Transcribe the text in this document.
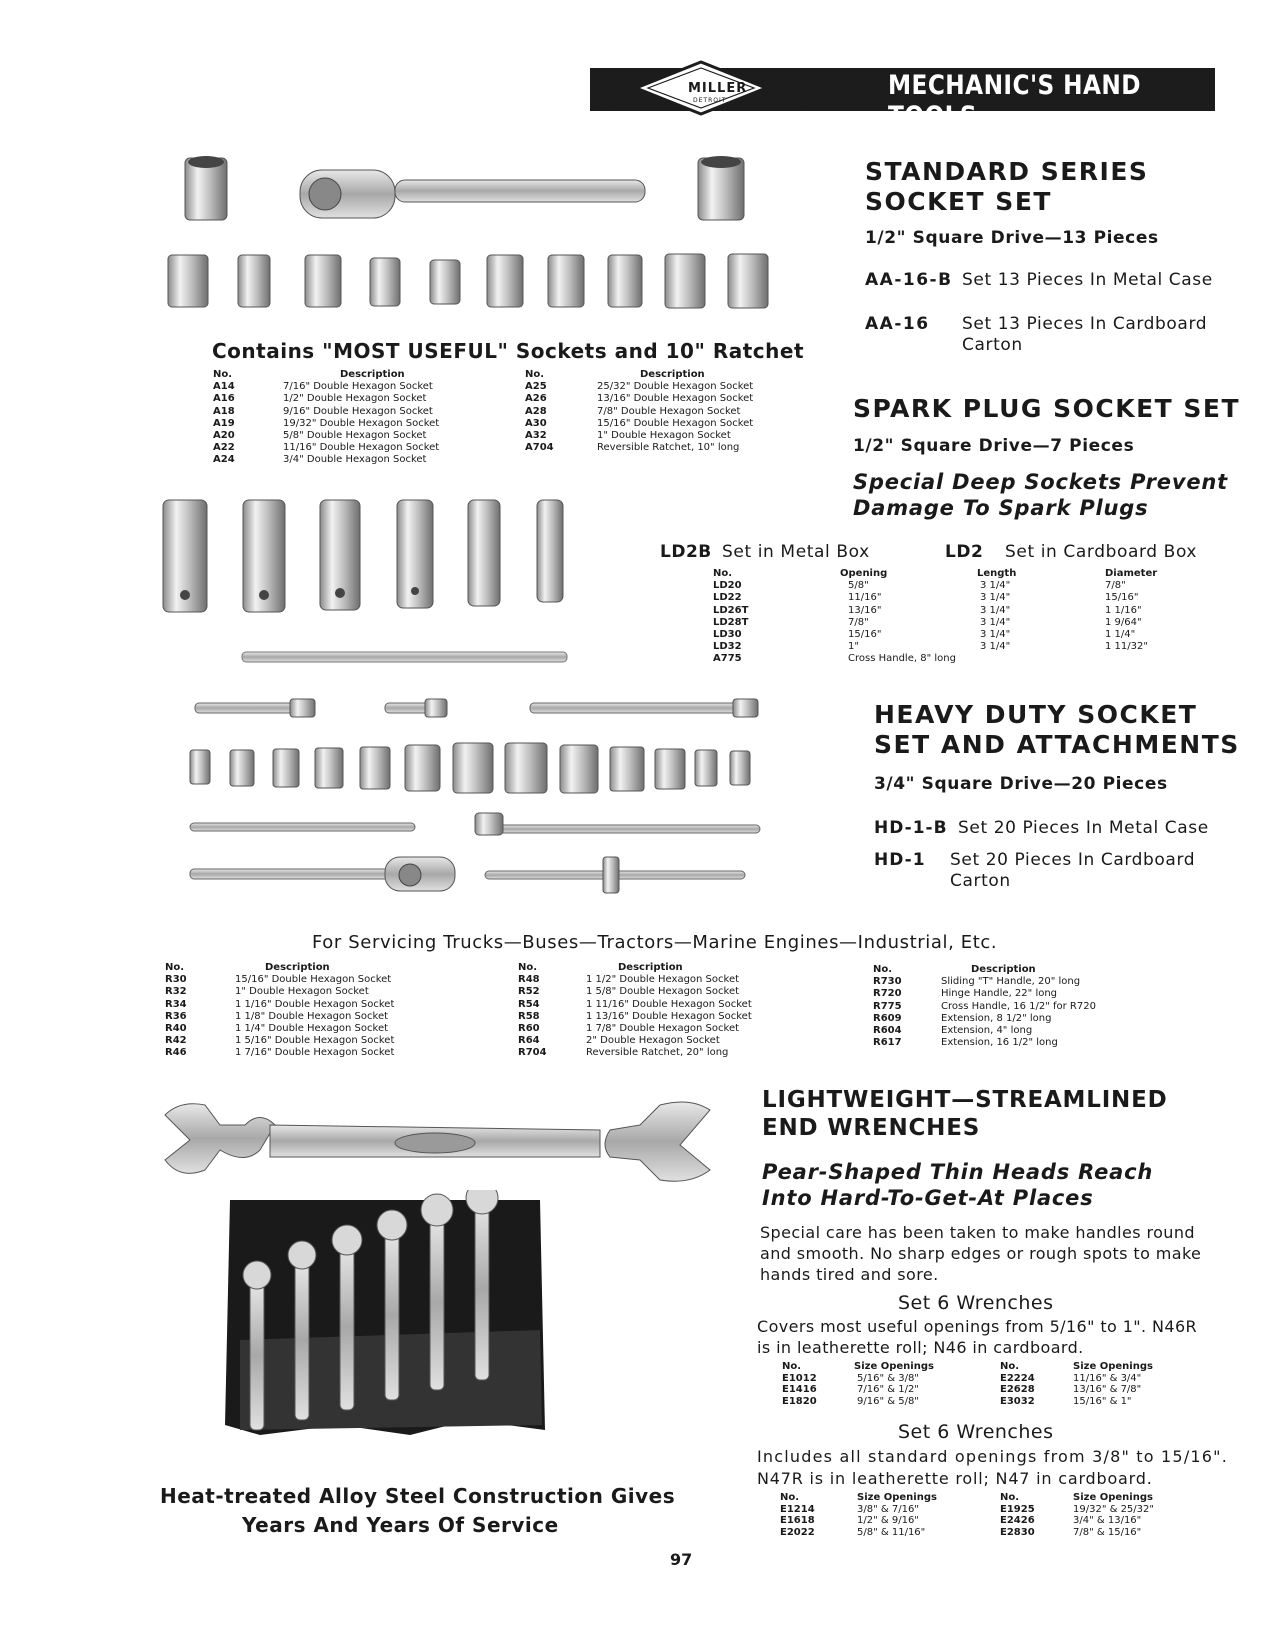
MILLER
DETROIT	MECHANIC'S HAND TOOLS
STANDARD SERIES
SOCKET SET
1/2" Square Drive—13 Pieces
AA-16-B Set 13 Pieces In Metal Case
AA-16 Set 13 Pieces In Cardboard
Carton
Contains "MOST USEFUL" Sockets and 10" Ratchet
No.	Description
A14	7/16" Double Hexagon Socket
A16	1/2" Double Hexagon Socket
A18	9/16" Double Hexagon Socket
A19	19/32" Double Hexagon Socket
A20	5/8" Double Hexagon Socket
A22	11/16" Double Hexagon Socket
A24	3/4" Double Hexagon Socket
No.	Description
A25	25/32" Double Hexagon Socket
A26	13/16" Double Hexagon Socket
A28	7/8" Double Hexagon Socket
A30	15/16" Double Hexagon Socket
A32	1" Double Hexagon Socket
A704	Reversible Ratchet, 10" long
SPARK PLUG SOCKET SET
1/2" Square Drive—7 Pieces
Special Deep Sockets Prevent
Damage To Spark Plugs
LD2B Set in Metal Box	LD2 Set in Cardboard Box
No.	Opening	Length	Diameter
LD20	5/8"	3 1/4"	7/8"
LD22	11/16"	3 1/4"	15/16"
LD26T	13/16"	3 1/4"	1 1/16"
LD28T	7/8"	3 1/4"	1 9/64"
LD30	15/16"	3 1/4"	1 1/4"
LD32	1"	3 1/4"	1 11/32"
A775	Cross Handle, 8" long
HEAVY DUTY SOCKET
SET AND ATTACHMENTS
3/4" Square Drive—20 Pieces
HD-1-B Set 20 Pieces In Metal Case
HD-1 Set 20 Pieces In Cardboard
Carton
For Servicing Trucks—Buses—Tractors—Marine Engines—Industrial, Etc.
No.	Description
R30	15/16" Double Hexagon Socket
R32	1" Double Hexagon Socket
R34	1 1/16" Double Hexagon Socket
R36	1 1/8" Double Hexagon Socket
R40	1 1/4" Double Hexagon Socket
R42	1 5/16" Double Hexagon Socket
R46	1 7/16" Double Hexagon Socket
No.	Description
R48	1 1/2" Double Hexagon Socket
R52	1 5/8" Double Hexagon Socket
R54	1 11/16" Double Hexagon Socket
R58	1 13/16" Double Hexagon Socket
R60	1 7/8" Double Hexagon Socket
R64	2" Double Hexagon Socket
R704	Reversible Ratchet, 20" long
No.	Description
R730	Sliding "T" Handle, 20" long
R720	Hinge Handle, 22" long
R775	Cross Handle, 16 1/2" for R720
R609	Extension, 8 1/2" long
R604	Extension, 4" long
R617	Extension, 16 1/2" long
Heat-treated Alloy Steel Construction Gives
Years And Years Of Service
LIGHTWEIGHT—STREAMLINED
END WRENCHES
Pear-Shaped Thin Heads Reach
Into Hard-To-Get-At Places
Special care has been taken to make handles round
and smooth. No sharp edges or rough spots to make
hands tired and sore.
Set 6 Wrenches
Covers most useful openings from 5/16" to 1". N46R
is in leatherette roll; N46 in cardboard.
No.	Size Openings
E1012	5/16" & 3/8"
E1416	7/16" & 1/2"
E1820	9/16" & 5/8"
No.	Size Openings
E2224	11/16" & 3/4"
E2628	13/16" & 7/8"
E3032	15/16" & 1"
Set 6 Wrenches
Includes all standard openings from 3/8" to 15/16".
N47R is in leatherette roll; N47 in cardboard.
No.	Size Openings
E1214	3/8" & 7/16"
E1618	1/2" & 9/16"
E2022	5/8" & 11/16"
No.	Size Openings
E1925	19/32" & 25/32"
E2426	3/4" & 13/16"
E2830	7/8" & 15/16"
97
